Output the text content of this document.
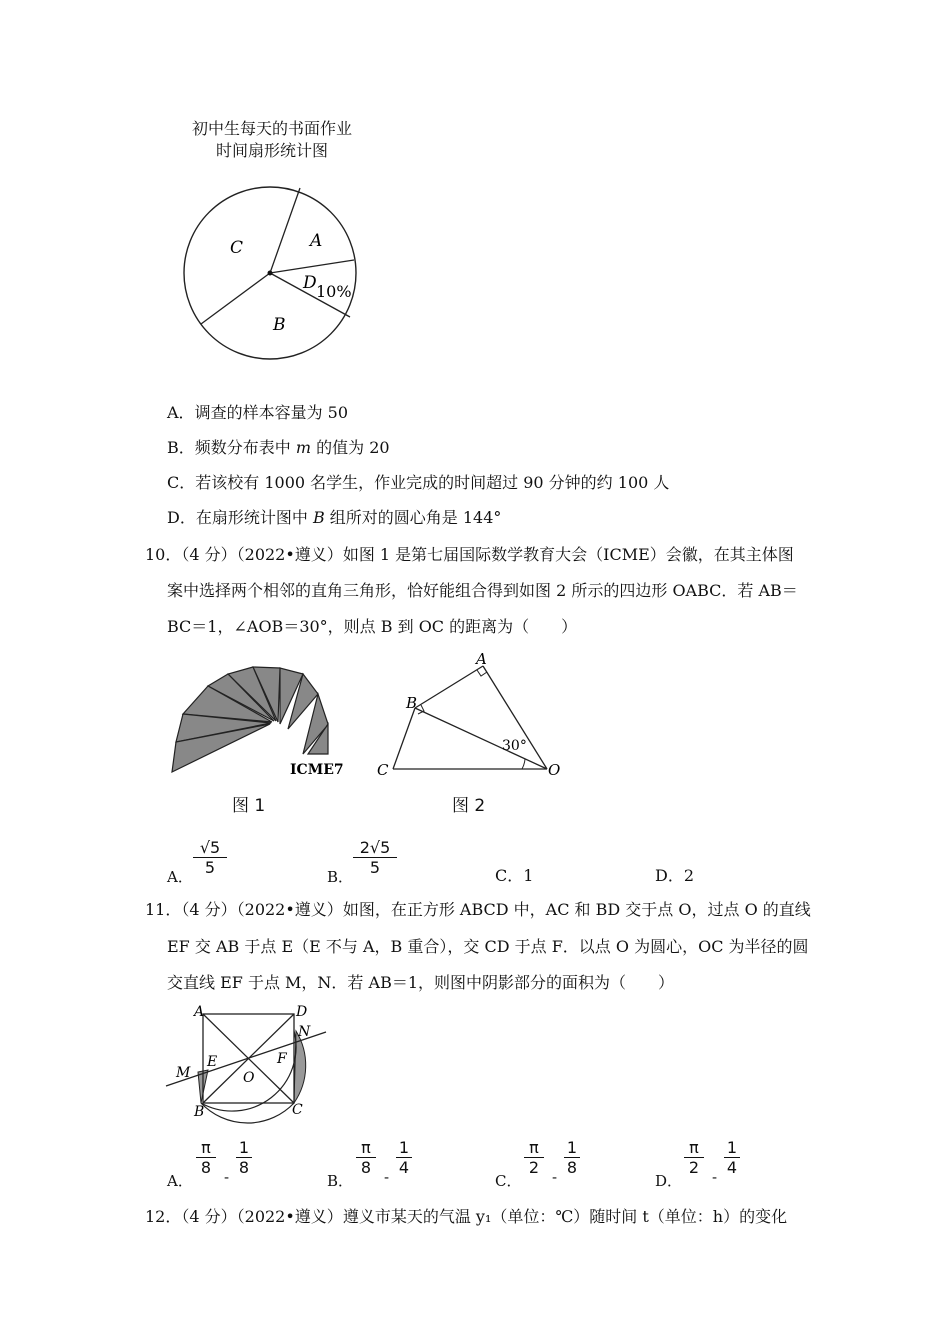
初中生每天的书面作业
时间扇形统计图
C	A
D 10%
B
A．调查的样本容量为 50
B．频数分布表中 m 的值为 20
C．若该校有 1000 名学生，作业完成的时间超过 90 分钟的约 100 人
D．在扇形统计图中 B 组所对的圆心角是 144°
10．（4 分）（2022•遵义）如图 1 是第七届国际数学教育大会（ICME）会徽，在其主体图
案中选择两个相邻的直角三角形，恰好能组合得到如图 2 所示的四边形 OABC．若 AB＝
BC＝1，∠AOB＝30°，则点 B 到 OC 的距离为（　　）
ICME7
图 1
A
B
C	O
30°
图 2
A． $\frac{√5}{5}$	B． $\frac{2√5}{5}$	C．1	D．2
11．（4 分）（2022•遵义）如图，在正方形 ABCD 中，AC 和 BD 交于点 O，过点 O 的直线
EF 交 AB 于点 E（E 不与 A，B 重合），交 CD 于点 F．以点 O 为圆心，OC 为半径的圆
交直线 EF 于点 M，N．若 AB＝1，则图中阴影部分的面积为（　　）
A	D
N
M
E	F
O
B	C
A．
$\frac{\pi}{8} - \frac{1}{8}$
B．
$\frac{\pi}{8} - \frac{1}{4}$
C．
$\frac{\pi}{2} - \frac{1}{8}$
D．
$\frac{\pi}{2} - \frac{1}{4}$
12．（4 分）（2022•遵义）遵义市某天的气温 y₁（单位：℃）随时间 t（单位：h）的变化
